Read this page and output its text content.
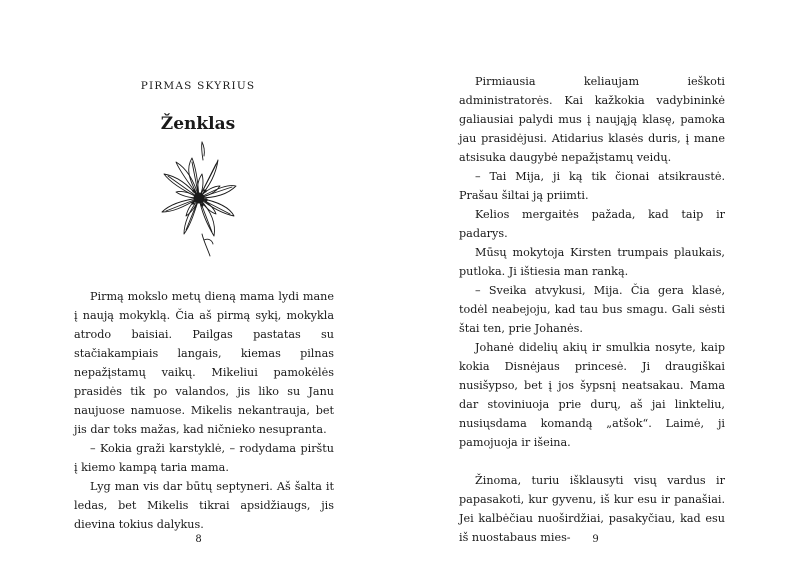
PIRMAS SKYRIUS
Ženklas

Pirmą mokslo metų dieną mama lydi mane į naują mokyklą. Čia aš pirmą sykį, mokykla atrodo baisiai. Pailgas pastatas su stačiakampiais langais, kiemas pilnas nepažįstamų vaikų. Mikeliui pamokėlės prasidės tik po valandos, jis liko su Janu naujuose namuose. Mikelis nekantrauja, bet jis dar toks mažas, kad ničnieko nesupranta.

– Kokia graži karstyklė, – rodydama pirštu į kiemo kampą taria mama.

Lyg man vis dar būtų septyneri. Aš šalta it ledas, bet Mikelis tikrai apsidžiaugs, jis dievina tokius dalykus.

8

Pirmiausia keliaujam ieškoti administratorės. Kai kažkokia vadybininkė galiausiai palydi mus į naująją klasę, pamoka jau prasidėjusi. Atidarius klasės duris, į mane atsisuka daugybė nepažįstamų veidų.

– Tai Mija, ji ką tik čionai atsikraustė. Prašau šiltai ją priimti.

Kelios mergaitės pažada, kad taip ir padarys.

Mūsų mokytoja Kirsten trumpais plaukais, putloka. Ji ištiesia man ranką.

– Sveika atvykusi, Mija. Čia gera klasė, todėl neabejoju, kad tau bus smagu. Gali sėsti štai ten, prie Johanės.

Johanė didelių akių ir smulkia nosyte, kaip kokia Disnėjaus princesė. Ji draugiškai nusišypso, bet į jos šypsnį neatsakau. Mama dar stoviniuoja prie durų, aš jai linkteliu, nusiųsdama komandą „atšok“. Laimė, ji pamojuoja ir išeina.

Žinoma, turiu išklausyti visų vardus ir papasakoti, kur gyvenu, iš kur esu ir panašiai. Jei kalbėčiau nuoširdžiai, pasakyčiau, kad esu iš nuostabaus mies-	9
